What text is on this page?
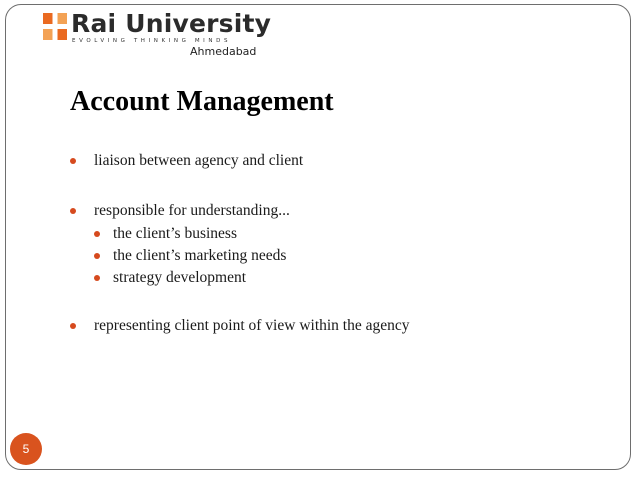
Rai University
EVOLVING THINKING MINDS
Ahmedabad
Account Management
liaison between agency and client
responsible for understanding...
the client’s business
the client’s marketing needs
strategy development
representing client point of view within the agency
5
